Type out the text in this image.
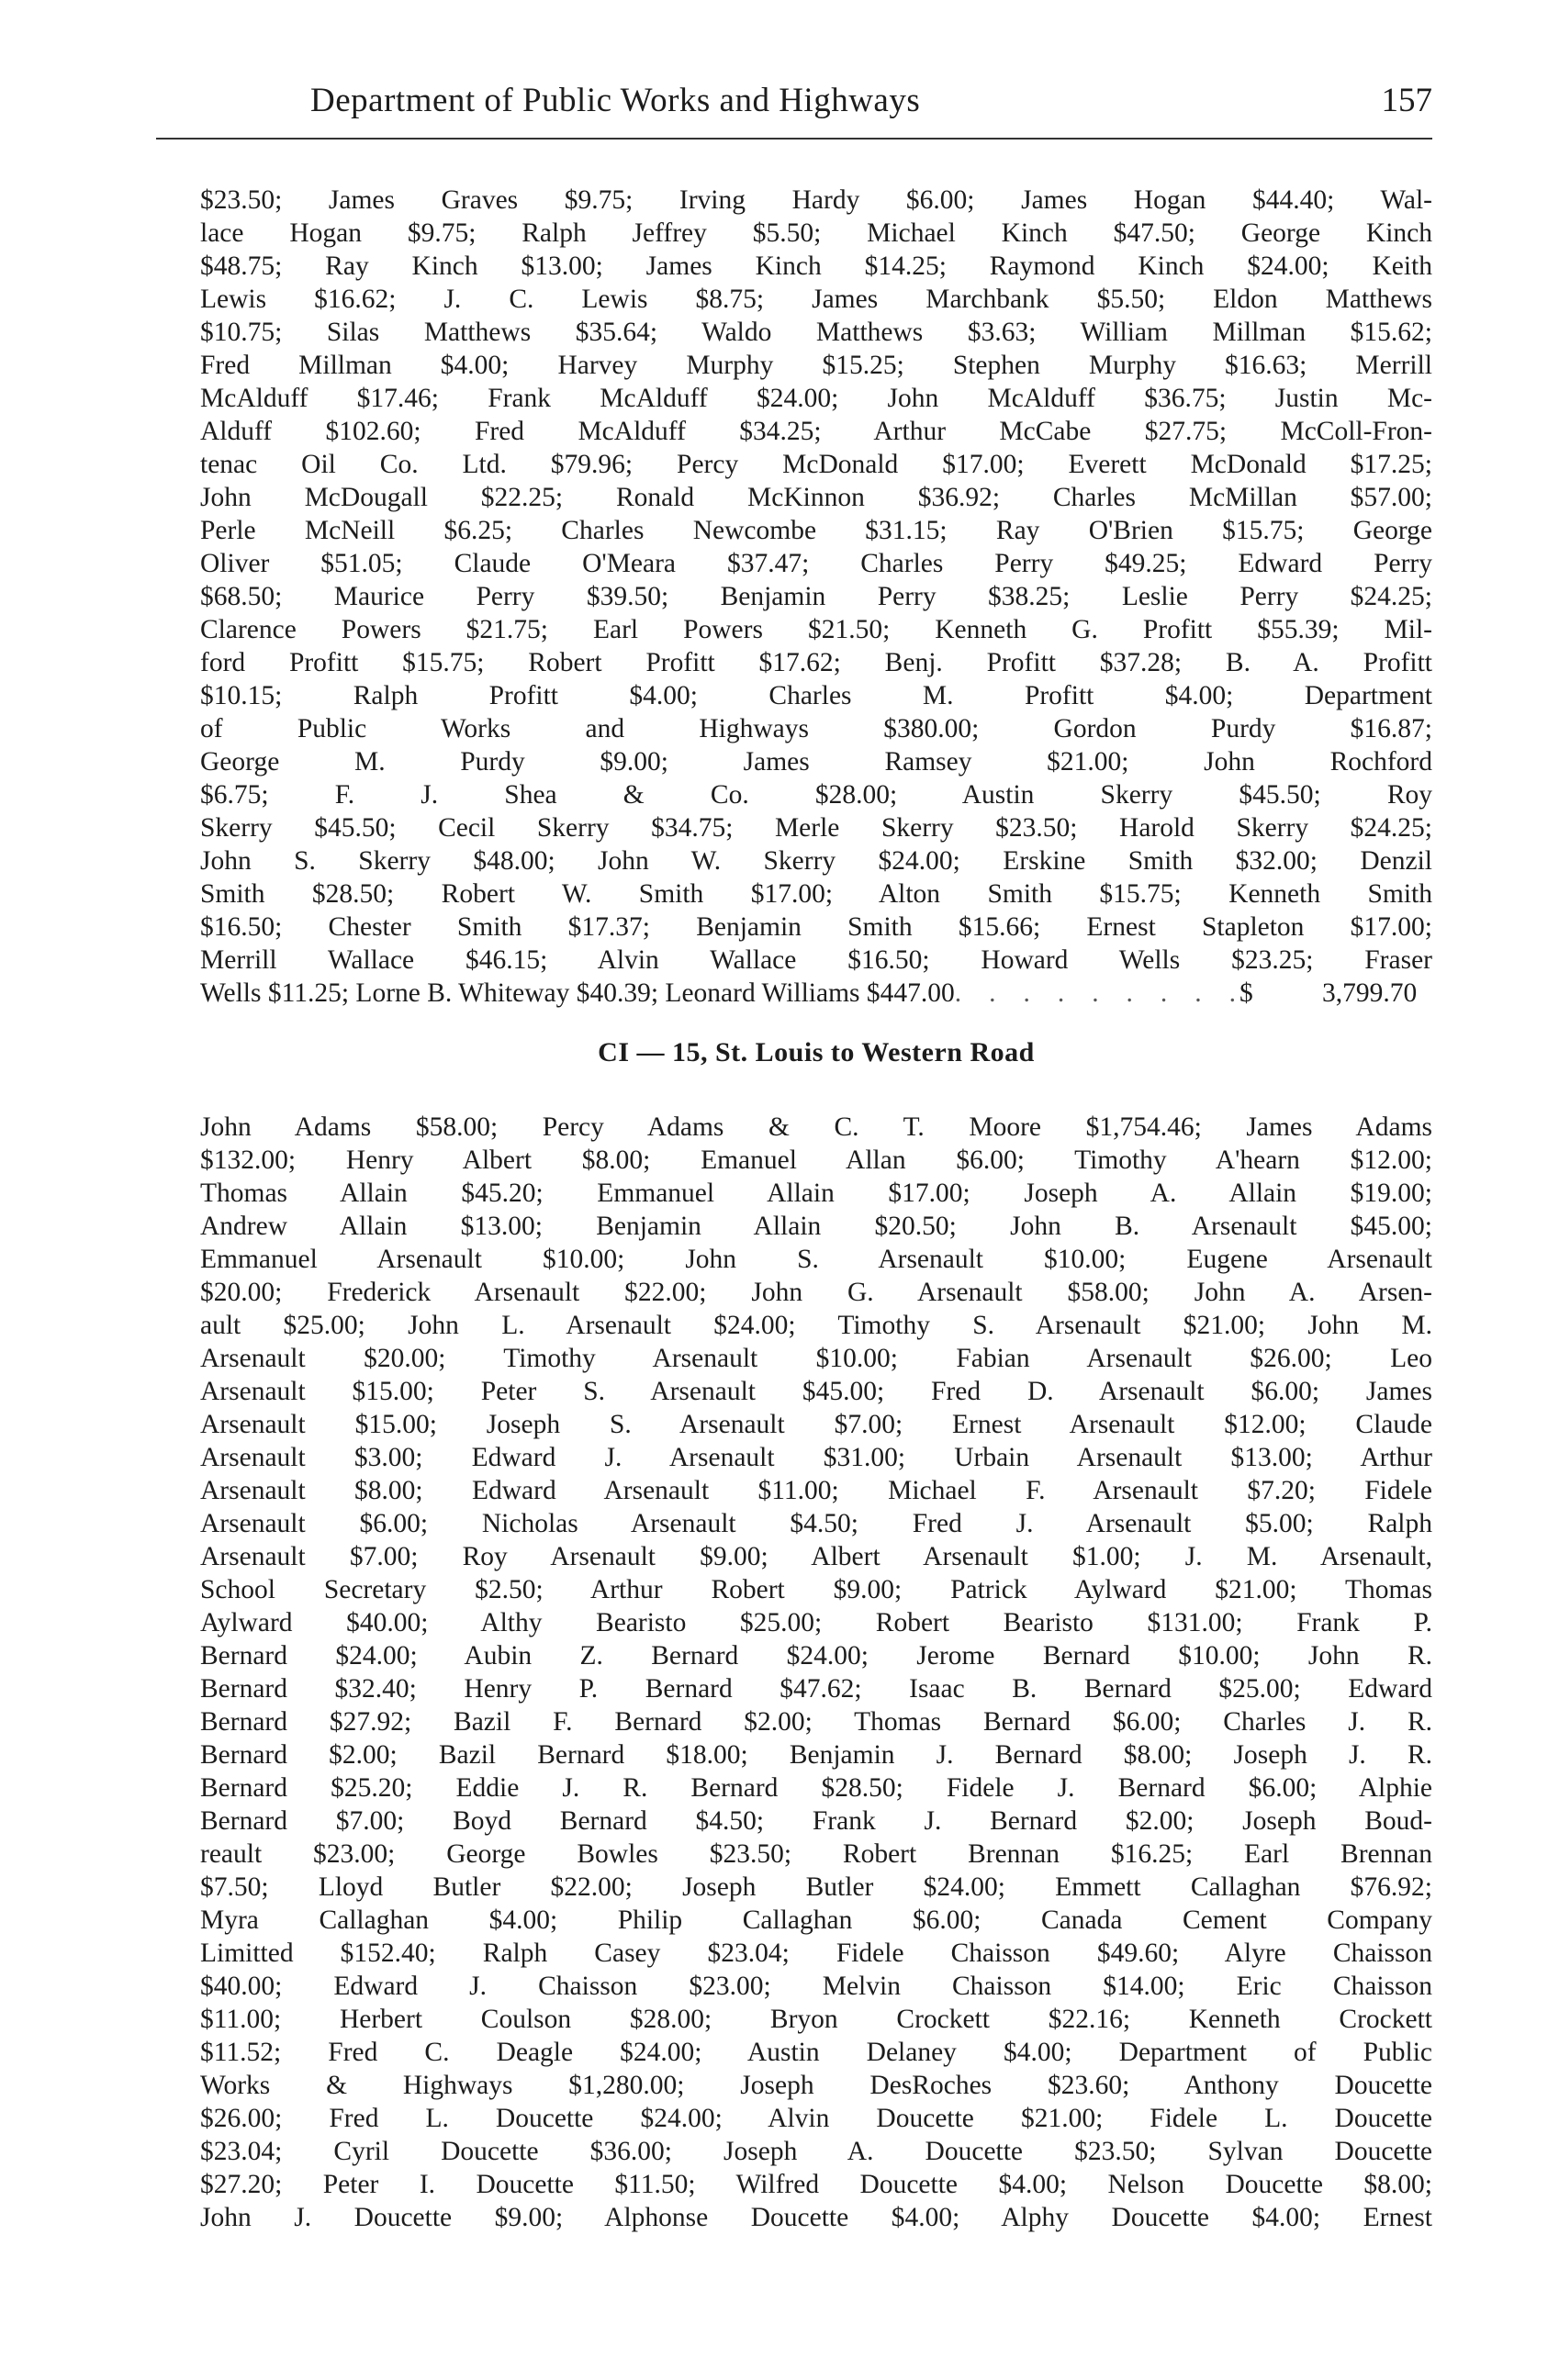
Department of Public Works and Highways	157
$23.50; James Graves $9.75; Irving Hardy $6.00; James Hogan $44.40; Wal-
lace Hogan $9.75; Ralph Jeffrey $5.50; Michael Kinch $47.50; George Kinch
$48.75; Ray Kinch $13.00; James Kinch $14.25; Raymond Kinch $24.00; Keith
Lewis $16.62; J. C. Lewis $8.75; James Marchbank $5.50; Eldon Matthews
$10.75; Silas Matthews $35.64; Waldo Matthews $3.63; William Millman $15.62;
Fred Millman $4.00; Harvey Murphy $15.25; Stephen Murphy $16.63; Merrill
McAlduff $17.46; Frank McAlduff $24.00; John McAlduff $36.75; Justin Mc-
Alduff $102.60; Fred McAlduff $34.25; Arthur McCabe $27.75; McColl-Fron-
tenac Oil Co. Ltd. $79.96; Percy McDonald $17.00; Everett McDonald $17.25;
John McDougall $22.25; Ronald McKinnon $36.92; Charles McMillan $57.00;
Perle McNeill $6.25; Charles Newcombe $31.15; Ray O'Brien $15.75; George
Oliver $51.05; Claude O'Meara $37.47; Charles Perry $49.25; Edward Perry
$68.50; Maurice Perry $39.50; Benjamin Perry $38.25; Leslie Perry $24.25;
Clarence Powers $21.75; Earl Powers $21.50; Kenneth G. Profitt $55.39; Mil-
ford Profitt $15.75; Robert Profitt $17.62; Benj. Profitt $37.28; B. A. Profitt
$10.15; Ralph Profitt $4.00; Charles M. Profitt $4.00; Department
of Public Works and Highways $380.00; Gordon Purdy $16.87;
George M. Purdy $9.00; James Ramsey $21.00; John Rochford
$6.75; F. J. Shea & Co. $28.00; Austin Skerry $45.50; Roy
Skerry $45.50; Cecil Skerry $34.75; Merle Skerry $23.50; Harold Skerry $24.25;
John S. Skerry $48.00; John W. Skerry $24.00; Erskine Smith $32.00; Denzil
Smith $28.50; Robert W. Smith $17.00; Alton Smith $15.75; Kenneth Smith
$16.50; Chester Smith $17.37; Benjamin Smith $15.66; Ernest Stapleton $17.00;
Merrill Wallace $46.15; Alvin Wallace $16.50; Howard Wells $23.25; Fraser
Wells $11.25; Lorne B. Whiteway $40.39; Leonard Williams $447.00 . . . . . . . . . $	3,799.70
CI — 15, St. Louis to Western Road
John Adams $58.00; Percy Adams & C. T. Moore $1,754.46; James Adams
$132.00; Henry Albert $8.00; Emanuel Allan $6.00; Timothy A'hearn $12.00;
Thomas Allain $45.20; Emmanuel Allain $17.00; Joseph A. Allain $19.00;
Andrew Allain $13.00; Benjamin Allain $20.50; John B. Arsenault $45.00;
Emmanuel Arsenault $10.00; John S. Arsenault $10.00; Eugene Arsenault
$20.00; Frederick Arsenault $22.00; John G. Arsenault $58.00; John A. Arsen-
ault $25.00; John L. Arsenault $24.00; Timothy S. Arsenault $21.00; John M.
Arsenault $20.00; Timothy Arsenault $10.00; Fabian Arsenault $26.00; Leo
Arsenault $15.00; Peter S. Arsenault $45.00; Fred D. Arsenault $6.00; James
Arsenault $15.00; Joseph S. Arsenault $7.00; Ernest Arsenault $12.00; Claude
Arsenault $3.00; Edward J. Arsenault $31.00; Urbain Arsenault $13.00; Arthur
Arsenault $8.00; Edward Arsenault $11.00; Michael F. Arsenault $7.20; Fidele
Arsenault $6.00; Nicholas Arsenault $4.50; Fred J. Arsenault $5.00; Ralph
Arsenault $7.00; Roy Arsenault $9.00; Albert Arsenault $1.00; J. M. Arsenault,
School Secretary $2.50; Arthur Robert $9.00; Patrick Aylward $21.00; Thomas
Aylward $40.00; Althy Bearisto $25.00; Robert Bearisto $131.00; Frank P.
Bernard $24.00; Aubin Z. Bernard $24.00; Jerome Bernard $10.00; John R.
Bernard $32.40; Henry P. Bernard $47.62; Isaac B. Bernard $25.00; Edward
Bernard $27.92; Bazil F. Bernard $2.00; Thomas Bernard $6.00; Charles J. R.
Bernard $2.00; Bazil Bernard $18.00; Benjamin J. Bernard $8.00; Joseph J. R.
Bernard $25.20; Eddie J. R. Bernard $28.50; Fidele J. Bernard $6.00; Alphie
Bernard $7.00; Boyd Bernard $4.50; Frank J. Bernard $2.00; Joseph Boud-
reault $23.00; George Bowles $23.50; Robert Brennan $16.25; Earl Brennan
$7.50; Lloyd Butler $22.00; Joseph Butler $24.00; Emmett Callaghan $76.92;
Myra Callaghan $4.00; Philip Callaghan $6.00; Canada Cement Company
Limitted $152.40; Ralph Casey $23.04; Fidele Chaisson $49.60; Alyre Chaisson
$40.00; Edward J. Chaisson $23.00; Melvin Chaisson $14.00; Eric Chaisson
$11.00; Herbert Coulson $28.00; Bryon Crockett $22.16; Kenneth Crockett
$11.52; Fred C. Deagle $24.00; Austin Delaney $4.00; Department of Public
Works & Highways $1,280.00; Joseph DesRoches $23.60; Anthony Doucette
$26.00; Fred L. Doucette $24.00; Alvin Doucette $21.00; Fidele L. Doucette
$23.04; Cyril Doucette $36.00; Joseph A. Doucette $23.50; Sylvan Doucette
$27.20; Peter I. Doucette $11.50; Wilfred Doucette $4.00; Nelson Doucette $8.00;
John J. Doucette $9.00; Alphonse Doucette $4.00; Alphy Doucette $4.00; Ernest
